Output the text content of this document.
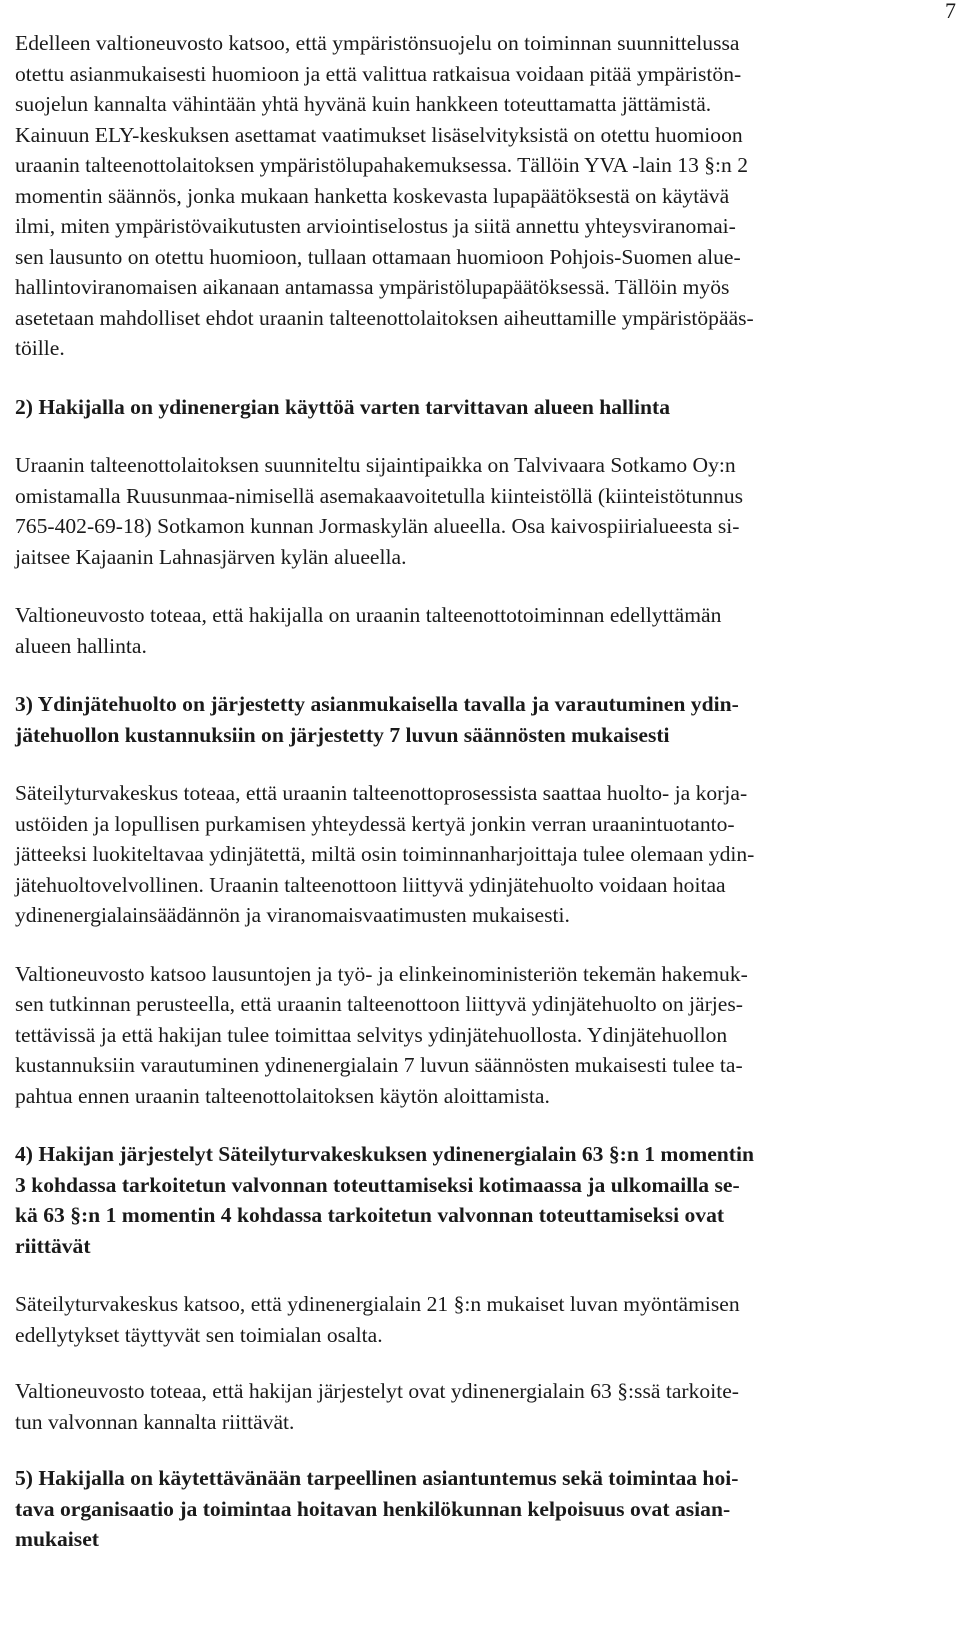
7
Edelleen valtioneuvosto katsoo, että ympäristönsuojelu on toiminnan suunnittelussa
otettu asianmukaisesti huomioon ja että valittua ratkaisua voidaan pitää ympäristön-
suojelun kannalta vähintään yhtä hyvänä kuin hankkeen toteuttamatta jättämistä.
Kainuun ELY-keskuksen asettamat vaatimukset lisäselvityksistä on otettu huomioon
uraanin talteenottolaitoksen ympäristölupahakemuksessa. Tällöin YVA -lain 13 §:n 2
momentin säännös, jonka mukaan hanketta koskevasta lupapäätöksestä on käytävä
ilmi, miten ympäristövaikutusten arviointiselostus ja siitä annettu yhteysviranomai-
sen lausunto on otettu huomioon, tullaan ottamaan huomioon Pohjois-Suomen alue-
hallintoviranomaisen aikanaan antamassa ympäristölupapäätöksessä. Tällöin myös
asetetaan mahdolliset ehdot uraanin talteenottolaitoksen aiheuttamille ympäristöpääs-
töille.
2) Hakijalla on ydinenergian käyttöä varten tarvittavan alueen hallinta
Uraanin talteenottolaitoksen suunniteltu sijaintipaikka on Talvivaara Sotkamo Oy:n
omistamalla Ruusunmaa-nimisellä asemakaavoitetulla kiinteistöllä (kiinteistötunnus
765-402-69-18) Sotkamon kunnan Jormaskylän alueella. Osa kaivospiirialueesta si-
jaitsee Kajaanin Lahnasjärven kylän alueella.
Valtioneuvosto toteaa, että hakijalla on uraanin talteenottotoiminnan edellyttämän
alueen hallinta.
3) Ydinjätehuolto on järjestetty asianmukaisella tavalla ja varautuminen ydin-
jätehuollon kustannuksiin on järjestetty 7 luvun säännösten mukaisesti
Säteilyturvakeskus toteaa, että uraanin talteenottoprosessista saattaa huolto- ja korja-
ustöiden ja lopullisen purkamisen yhteydessä kertyä jonkin verran uraanintuotanto-
jätteeksi luokiteltavaa ydinjätettä, miltä osin toiminnanharjoittaja tulee olemaan ydin-
jätehuoltovelvollinen. Uraanin talteenottoon liittyvä ydinjätehuolto voidaan hoitaa
ydinenergialainsäädännön ja viranomaisvaatimusten mukaisesti.
Valtioneuvosto katsoo lausuntojen ja työ- ja elinkeinoministeriön tekemän hakemuk-
sen tutkinnan perusteella, että uraanin talteenottoon liittyvä ydinjätehuolto on järjes-
tettävissä ja että hakijan tulee toimittaa selvitys ydinjätehuollosta. Ydinjätehuollon
kustannuksiin varautuminen ydinenergialain 7 luvun säännösten mukaisesti tulee ta-
pahtua ennen uraanin talteenottolaitoksen käytön aloittamista.
4) Hakijan järjestelyt Säteilyturvakeskuksen ydinenergialain 63 §:n 1 momentin
3 kohdassa tarkoitetun valvonnan toteuttamiseksi kotimaassa ja ulkomailla se-
kä 63 §:n 1 momentin 4 kohdassa tarkoitetun valvonnan toteuttamiseksi ovat
riittävät
Säteilyturvakeskus katsoo, että ydinenergialain 21 §:n mukaiset luvan myöntämisen
edellytykset täyttyvät sen toimialan osalta.
Valtioneuvosto toteaa, että hakijan järjestelyt ovat ydinenergialain 63 §:ssä tarkoite-
tun valvonnan kannalta riittävät.
5) Hakijalla on käytettävänään tarpeellinen asiantuntemus sekä toimintaa hoi-
tava organisaatio ja toimintaa hoitavan henkilökunnan kelpoisuus ovat asian-
mukaiset
